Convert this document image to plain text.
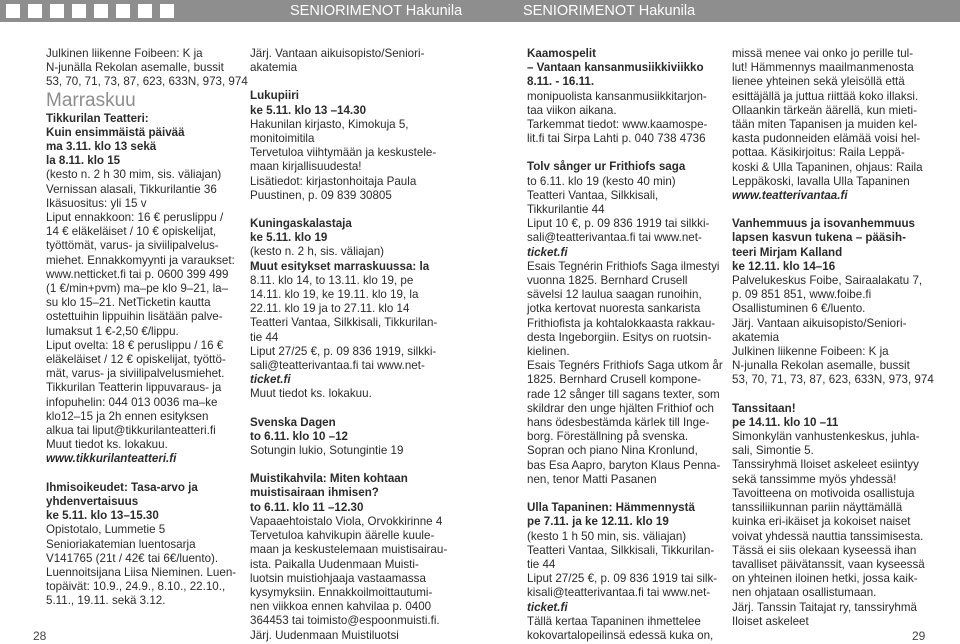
SENIORIMENOT Hakunila	SENIORIMENOT Hakunila

Julkinen liikenne Foibeen: K ja

N-junälla Rekolan asemalle, bussit

53, 70, 71, 73, 87, 623, 633N, 973, 974

Marraskuu

Tikkurilan Teatteri:

Kuin ensimmäistä päivää

ma 3.11. klo 13 sekä

la 8.11. klo 15

(kesto n. 2 h 30 mim, sis. väliajan)

Vernissan alasali, Tikkurilantie 36

Ikäsuositus: yli 15 v

Liput ennakkoon: 16 € peruslippu /

14 € eläkeläiset / 10 € opiskelijat,

työttömät, varus- ja siviilipalvelus-

miehet. Ennakkomyynti ja varaukset:

www.netticket.fi tai p. 0600 399 499

(1 €/min+pvm) ma–pe klo 9–21, la–

su klo 15–21. NetTicketin kautta

ostettuihin lippuihin lisätään palve-

lumaksut 1 €-2,50 €/lippu.

Liput ovelta: 18 € peruslippu / 16 €

eläkeläiset / 12 € opiskelijat, työttö-

mät, varus- ja siviilipalvelusmiehet.

Tikkurilan Teatterin lippuvaraus- ja

infopuhelin: 044 013 0036 ma–ke

klo12–15 ja 2h ennen esityksen

alkua tai liput@tikkurilanteatteri.fi

Muut tiedot ks. lokakuu.

www.tikkurilanteatteri.fi

Ihmisoikeudet: Tasa-arvo ja

yhdenvertaisuus

ke 5.11. klo 13–15.30

Opistotalo, Lummetie 5

Senioriakatemian luentosarja

V141765 (21t / 42€ tai 6€/luento).

Luennoitsijana Liisa Nieminen. Luen-

topäivät: 10.9., 24.9., 8.10., 22.10.,

5.11., 19.11. sekä 3.12.

Järj. Vantaan aikuisopisto/Seniori-

akatemia

Lukupiiri

ke 5.11. klo 13 –14.30

Hakunilan kirjasto, Kimokuja 5,

monitoimitila

Tervetuloa viihtymään ja keskustele-

maan kirjallisuudesta!

Lisätiedot: kirjastonhoitaja Paula

Puustinen, p. 09 839 30805

Kuningaskalastaja

ke 5.11. klo 19

(kesto n. 2 h, sis. väliajan)

Muut esitykset marraskuussa: la

8.11. klo 14, to 13.11. klo 19, pe

14.11. klo 19, ke 19.11. klo 19, la

22.11. klo 19 ja to 27.11. klo 14

Teatteri Vantaa, Silkkisali, Tikkurilan-

tie 44

Liput 27/25 €, p. 09 836 1919, silkki-

sali@teatterivantaa.fi tai www.net-

ticket.fi

Muut tiedot ks. lokakuu.

Svenska Dagen

to 6.11. klo 10 –12

Sotungin lukio, Sotungintie 19

Muistikahvila: Miten kohtaan

muistisairaan ihmisen?

to 6.11. klo 11 –12.30

Vapaaehtoistalo Viola, Orvokkirinne 4

Tervetuloa kahvikupin äärelle kuule-

maan ja keskustelemaan muistisairau-

ista. Paikalla Uudenmaan Muisti-

luotsin muistiohjaaja vastaamassa

kysymyksiin. Ennakkoilmoittautumi-

nen viikkoa ennen kahvilaa p. 0400

364453 tai toimisto@espoonmuisti.fi.

Järj. Uudenmaan Muistiluotsi

Kaamospelit

– Vantaan kansanmusiikkiviikko

8.11. - 16.11.

monipuolista kansanmusiikkitarjon-

taa viikon aikana.

Tarkemmat tiedot: www.kaamospe-

lit.fi tai Sirpa Lahti p. 040 738 4736

Tolv sånger ur Frithiofs saga

to 6.11. klo 19 (kesto 40 min)

Teatteri Vantaa, Silkkisali,

Tikkurilantie 44

Liput 10 €, p. 09 836 1919 tai silkki-

sali@teatterivantaa.fi tai www.net-

ticket.fi

Esais Tegnérin Frithiofs Saga ilmestyi

vuonna 1825. Bernhard Crusell

sävelsi 12 laulua saagan runoihin,

jotka kertovat nuoresta sankarista

Frithiofista ja kohtalokkaasta rakkau-

desta Ingeborgiin. Esitys on ruotsin-

kielinen.

Esais Tegnérs Frithiofs Saga utkom år

1825. Bernhard Crusell kompone-

rade 12 sånger till sagans texter, som

skildrar den unge hjälten Frithiof och

hans ödesbestämda kärlek till Inge-

borg. Föreställning på svenska.

Sopran och piano Nina Kronlund,

bas Esa Aapro, baryton Klaus Penna-

nen, tenor Matti Pasanen

Ulla Tapaninen: Hämmennystä

pe 7.11. ja ke 12.11. klo 19

(kesto 1 h 50 min, sis. väliajan)

Teatteri Vantaa, Silkkisali, Tikkurilan-

tie 44

Liput 27/25 €, p. 09 836 1919 tai silk-

kisali@teatterivantaa.fi tai www.net-

ticket.fi

Tällä kertaa Tapaninen ihmettelee

kokovartalopeilinsä edessä kuka on,

missä menee vai onko jo perille tul-

lut! Hämmennys maailmanmenosta

lienee yhteinen sekä yleisöllä että

esittäjällä ja juttua riittää koko illaksi.

Ollaankin tärkeän äärellä, kun mieti-

tään miten Tapanisen ja muiden kel-

kasta pudonneiden elämää voisi hel-

pottaa. Käsikirjoitus: Raila Leppä-

koski & Ulla Tapaninen, ohjaus: Raila

Leppäkoski, lavalla Ulla Tapaninen

www.teatterivantaa.fi

Vanhemmuus ja isovanhemmuus

lapsen kasvun tukena – pääsih-

teeri Mirjam Kalland

ke 12.11. klo 14–16

Palvelukeskus Foibe, Sairaalakatu 7,

p. 09 851 851, www.foibe.fi

Osallistuminen 6 €/luento.

Järj. Vantaan aikuisopisto/Seniori-

akatemia

Julkinen liikenne Foibeen: K ja

N-junalla Rekolan asemalle, bussit

53, 70, 71, 73, 87, 623, 633N, 973, 974

Tanssitaan!

pe 14.11. klo 10 –11

Simonkylän vanhustenkeskus, juhla-

sali, Simontie 5.

Tanssiryhmä Iloiset askeleet esiintyy

sekä tanssimme myös yhdessä!

Tavoitteena on motivoida osallistuja

tanssiliikunnan pariin näyttämällä

kuinka eri-ikäiset ja kokoiset naiset

voivat yhdessä nauttia tanssimisesta.

Tässä ei siis olekaan kyseessä ihan

tavalliset päivätanssit, vaan kyseessä

on yhteinen iloinen hetki, jossa kaik-

nen ohjataan osallistumaan.

Järj. Tanssin Taitajat ry, tanssiryhmä

Iloiset askeleet

28	29
